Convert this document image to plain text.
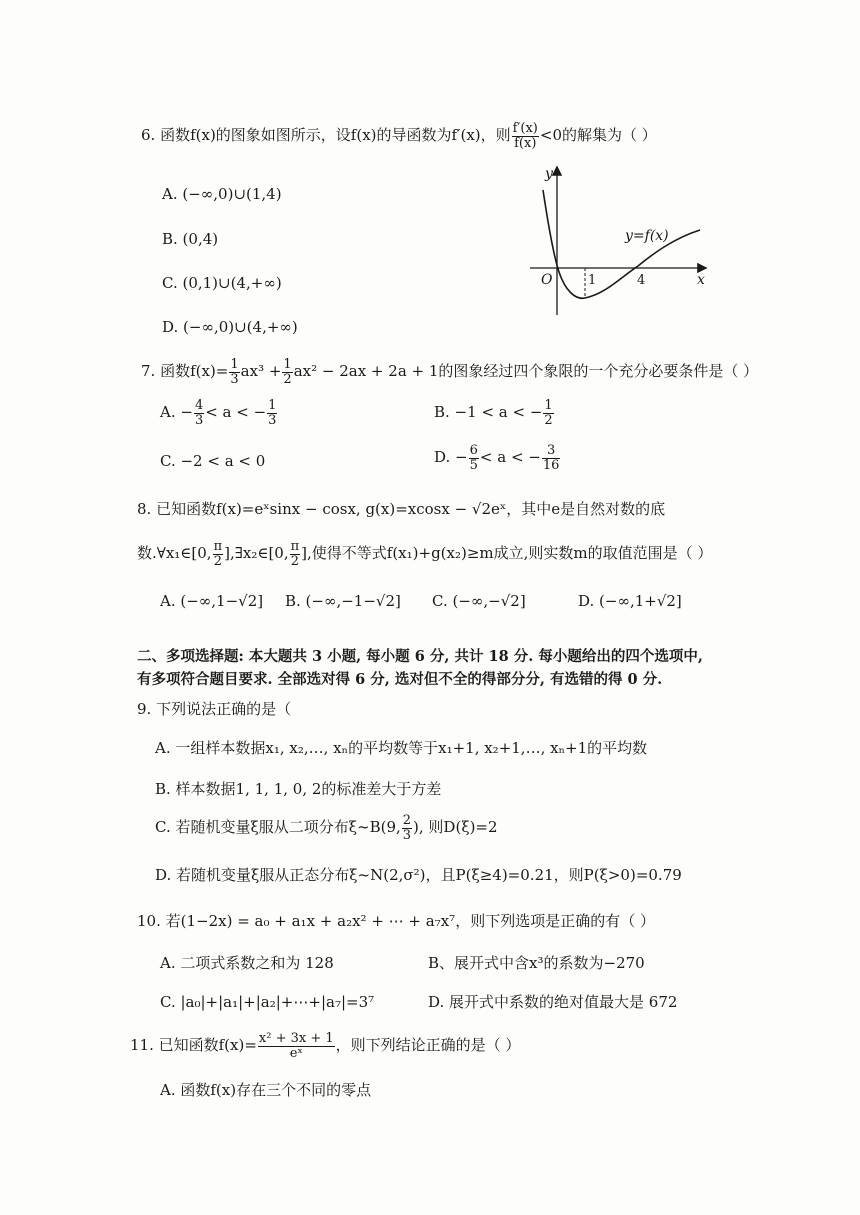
6. 函数f(x)的图象如图所示，设f(x)的导函数为f′(x)，则 $\frac{f'(x)}{f(x)} <0$的解集为（ ）
A. (−∞,0)∪(1,4)
B. (0,4)
C. (0,1)∪(4,+∞)
D. (−∞,0)∪(4,+∞)
y
x
O	1	4
y=f(x)
7. 函数$f(x)= \frac{1}{3} ax^3 + \frac{1}{2} ax^2 - 2ax + 2a + 1$的图象经过四个象限的一个充分必要条件是（ ）
A. − $\frac{4}{3} < a$ < − $\frac{1}{3}$	B. −1 < a < − $\frac{1}{2}$
C. −2 < a < 0	D. − $\frac{6}{5} < a$ < − $\frac{3}{16}$
8. 已知函数f(x)=eˣsinx − cosx, g(x)=xcosx − √2eˣ，其中e是自然对数的底
数.∀x₁∈[0, $\frac{\pi}{2}$ ],∃x₂∈[0, $\frac{\pi}{2}$ ],使得不等式f(x₁)+g(x₂)≥m成立,则实数m的取值范围是（ ）
A. (−∞,1−√2] B. (−∞,−1−√2] C. (−∞,−√2]	D. (−∞,1+√2]
二、多项选择题: 本大题共 3 小题, 每小题 6 分, 共计 18 分. 每小题给出的四个选项中,
有多项符合题目要求. 全部选对得 6 分, 选对但不全的得部分分, 有选错的得 0 分.
9. 下列说法正确的是（
A. 一组样本数据x₁, x₂,…, xₙ的平均数等于x₁+1, x₂+1,…, xₙ+1的平均数
B. 样本数据1, 1, 1, 0, 2的标准差大于方差
C. 若随机变量ξ服从二项分布ξ~B(9, $\frac{2}{3}$ ), 则D(ξ)=2
D. 若随机变量ξ服从正态分布ξ~N(2,σ²)，且P(ξ≥4)=0.21，则P(ξ>0)=0.79
10. 若(1−2x) = a₀ + a₁x + a₂x² + ⋯ + a₇x⁷，则下列选项是正确的有（ ）
A. 二项式系数之和为 128	B、展开式中含x³的系数为−270
C. |a₀|+|a₁|+|a₂|+⋯+|a₇|=3⁷	D. 展开式中系数的绝对值最大是 672
11. 已知函数$f(x)= \frac{\text{x² + 3x + 1}}{\text{eˣ}}$ ，则下列结论正确的是（ ）
A. 函数f(x)存在三个不同的零点
